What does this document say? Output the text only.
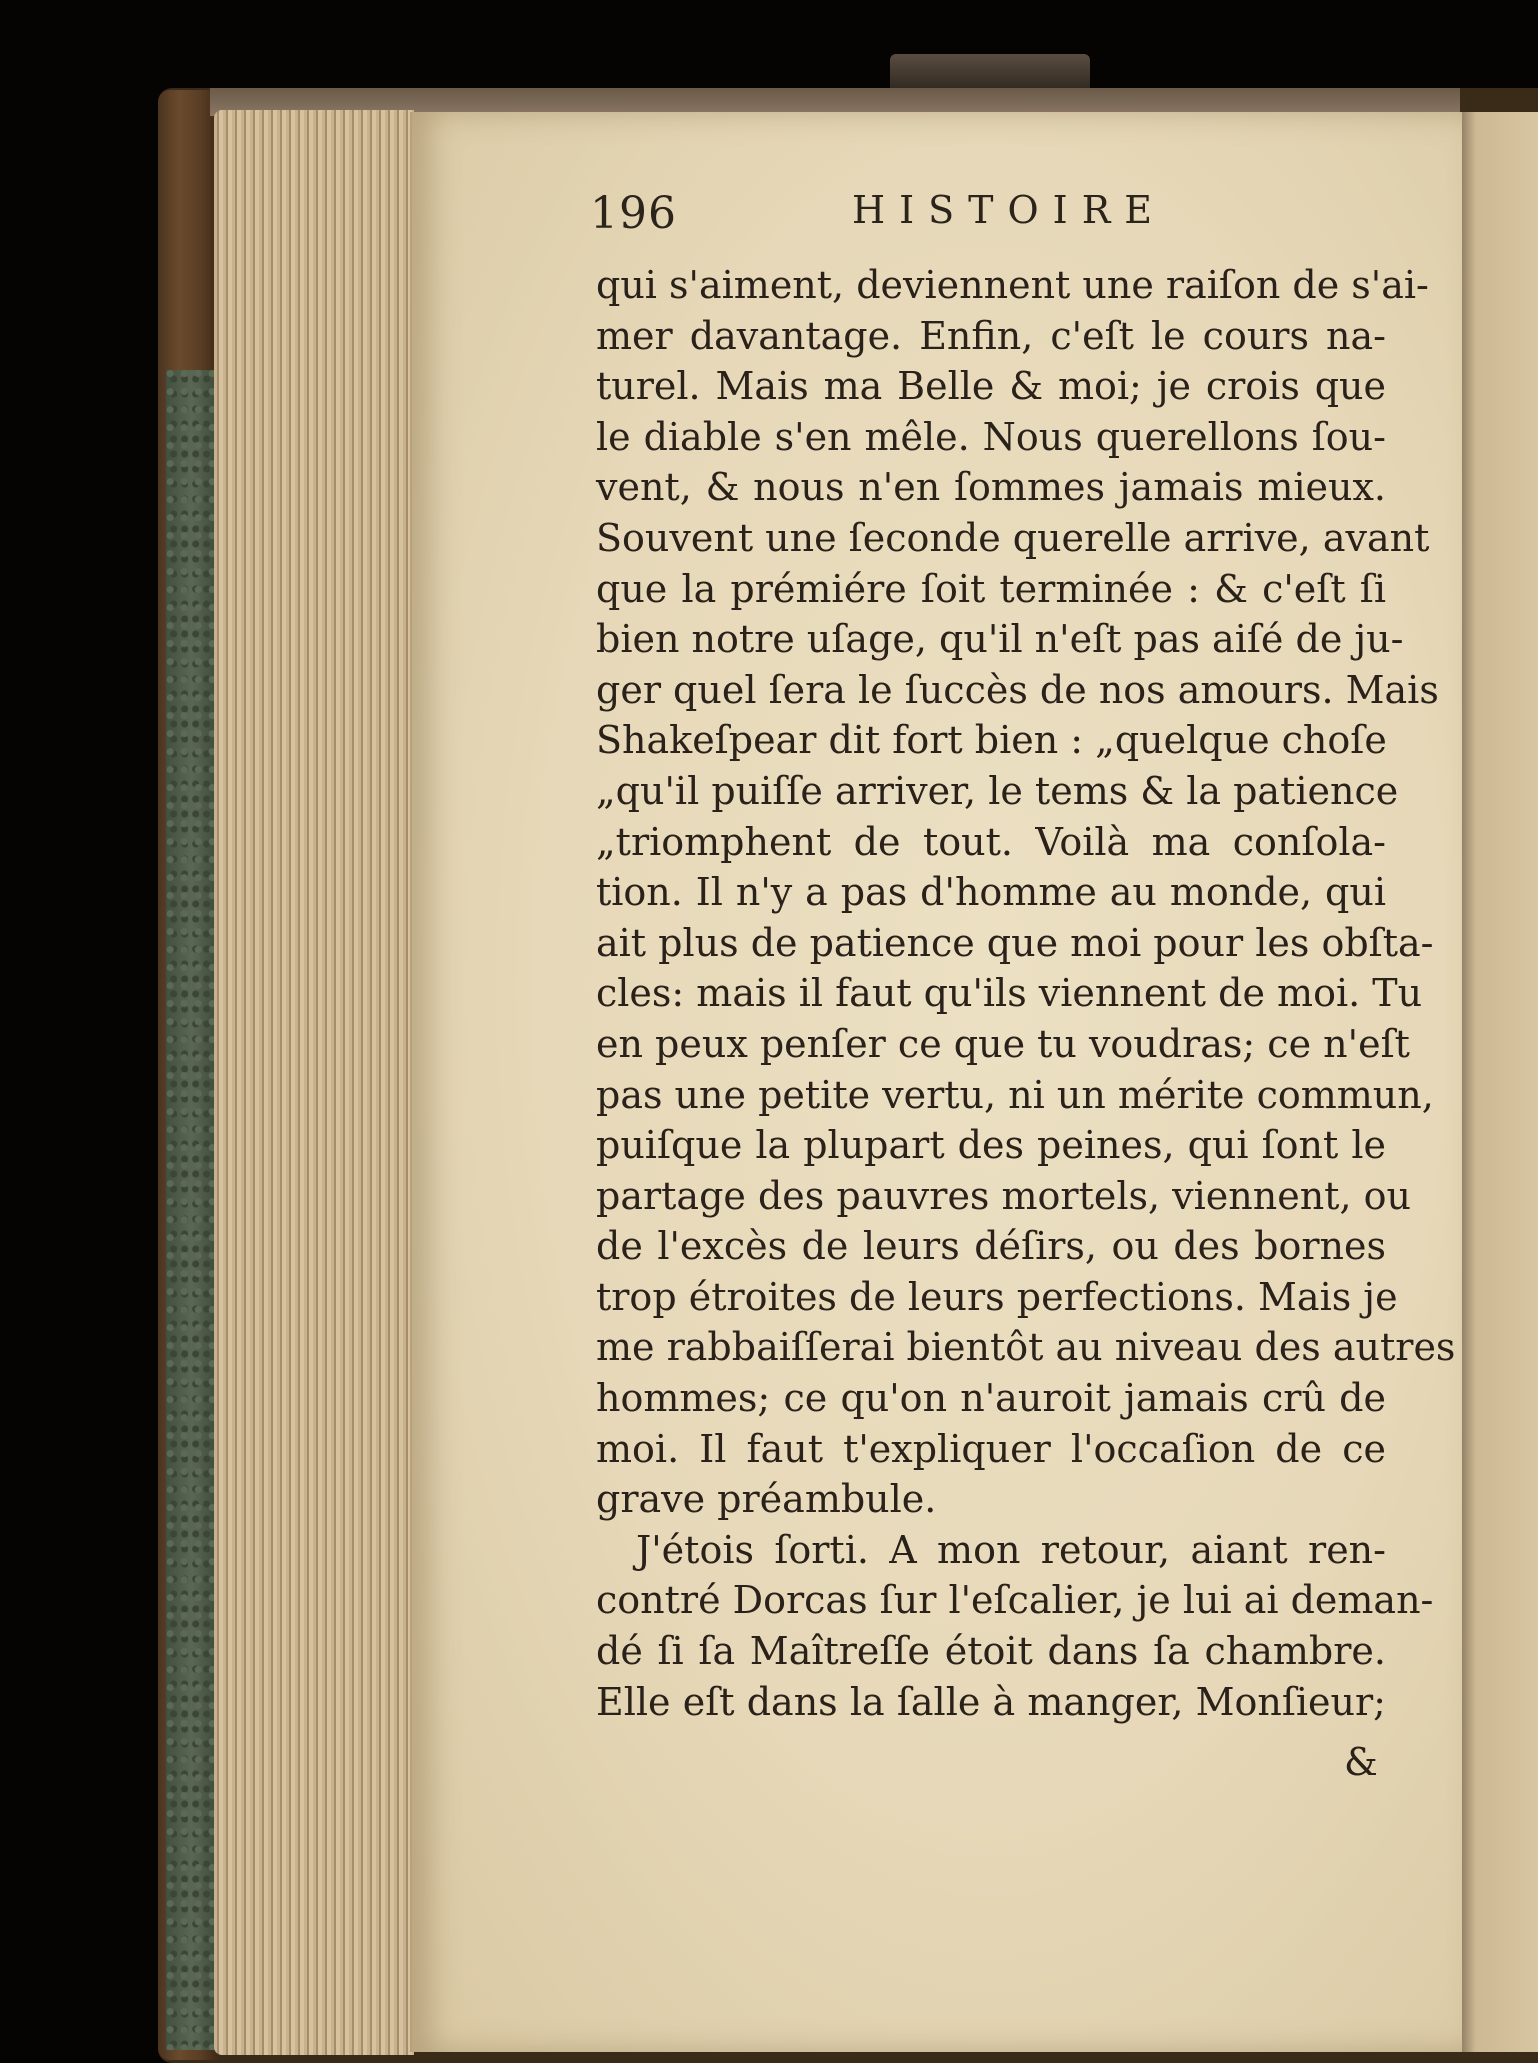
196	HISTOIRE
qui s'aiment, deviennent une raiſon de s'ai-
mer davantage. Enfin, c'eſt le cours na-
turel. Mais ma Belle & moi; je crois que
le diable s'en mêle. Nous querellons ſou-
vent, & nous n'en ſommes jamais mieux.
Souvent une ſeconde querelle arrive, avant
que la prémiére ſoit terminée : & c'eſt ſi
bien notre uſage, qu'il n'eſt pas aiſé de ju-
ger quel ſera le ſuccès de nos amours. Mais
Shakeſpear dit fort bien : „quelque choſe
„qu'il puiſſe arriver, le tems & la patience
„triomphent de tout. Voilà ma conſola-
tion. Il n'y a pas d'homme au monde, qui
ait plus de patience que moi pour les obſta-
cles: mais il faut qu'ils viennent de moi. Tu
en peux penſer ce que tu voudras; ce n'eſt
pas une petite vertu, ni un mérite commun,
puiſque la plupart des peines, qui ſont le
partage des pauvres mortels, viennent, ou
de l'excès de leurs déſirs, ou des bornes
trop étroites de leurs perfections. Mais je
me rabbaiſſerai bientôt au niveau des autres
hommes; ce qu'on n'auroit jamais crû de
moi. Il faut t'expliquer l'occaſion de ce
grave préambule.
J'étois ſorti. A mon retour, aiant ren-
contré Dorcas ſur l'eſcalier, je lui ai deman-
dé ſi ſa Maîtreſſe étoit dans ſa chambre.
Elle eſt dans la ſalle à manger, Monſieur;
&
